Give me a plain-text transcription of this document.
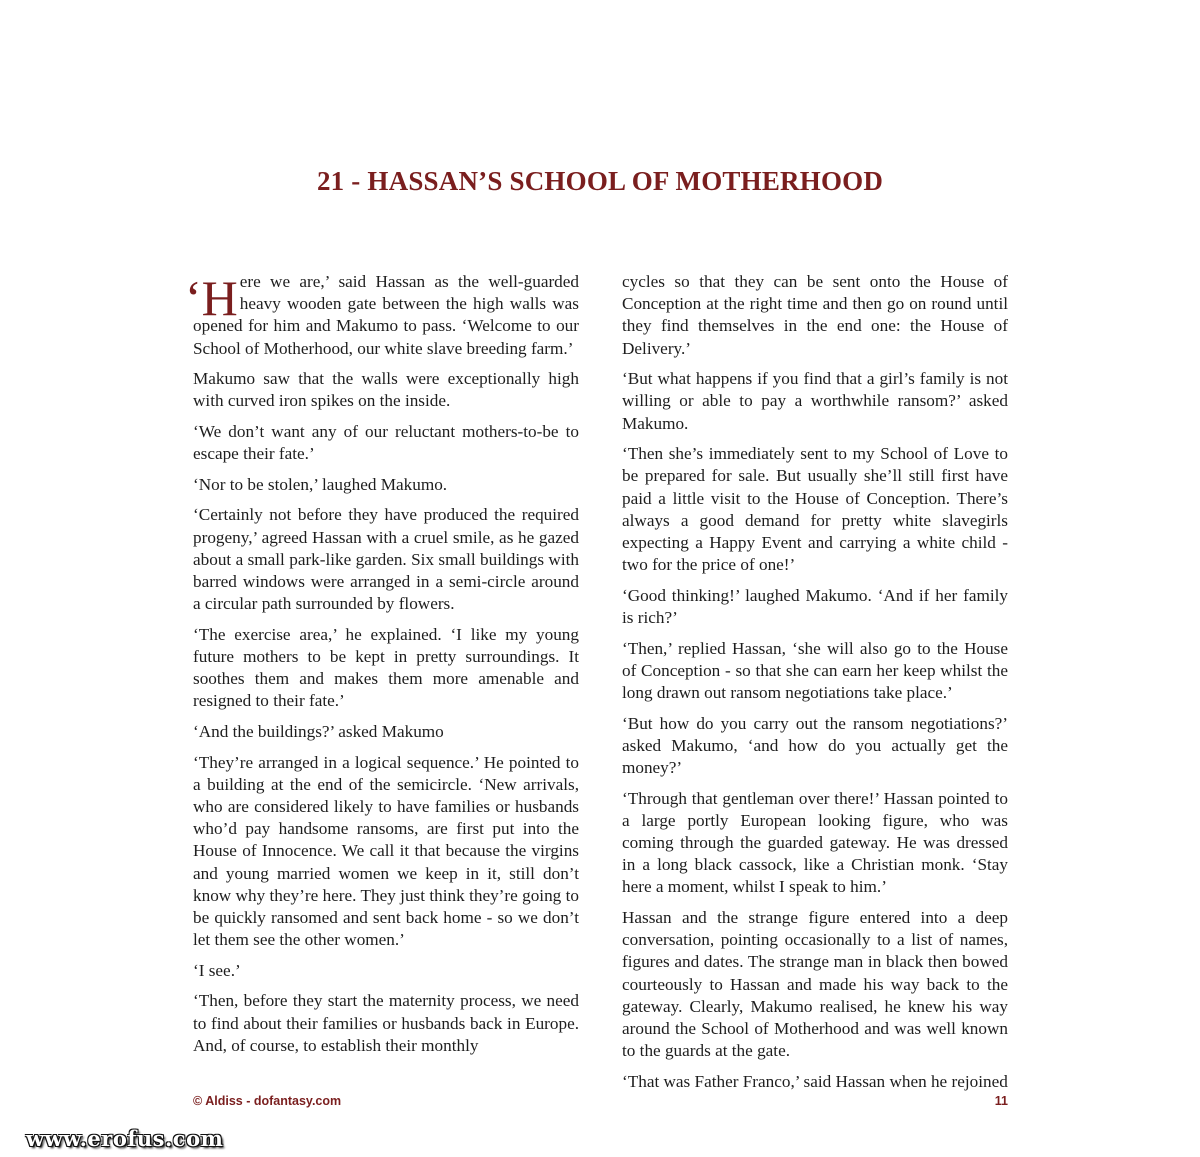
21 - HASSAN’S SCHOOL OF MOTHERHOOD

‘Here we are,’ said Hassan as the well-guarded heavy wooden gate between the high walls was opened for him and Makumo to pass. ‘Welcome to our School of Motherhood, our white slave breeding farm.’

Makumo saw that the walls were exceptionally high with curved iron spikes on the inside.

‘We don’t want any of our reluctant mothers-to-be to escape their fate.’

‘Nor to be stolen,’ laughed Makumo.

‘Certainly not before they have produced the required progeny,’ agreed Hassan with a cruel smile, as he gazed about a small park-like garden. Six small buildings with barred windows were arranged in a semi-circle around a circular path surrounded by flowers.

‘The exercise area,’ he explained. ‘I like my young future mothers to be kept in pretty surroundings. It soothes them and makes them more amenable and resigned to their fate.’

‘And the buildings?’ asked Makumo

‘They’re arranged in a logical sequence.’ He pointed to a building at the end of the semicircle. ‘New arrivals, who are considered likely to have families or husbands who’d pay handsome ransoms, are first put into the House of Innocence. We call it that because the virgins and young married women we keep in it, still don’t know why they’re here. They just think they’re going to be quickly ransomed and sent back home - so we don’t let them see the other women.’

‘I see.’

‘Then, before they start the maternity process, we need to find about their families or husbands back in Europe. And, of course, to establish their monthly

cycles so that they can be sent onto the House of Conception at the right time and then go on round until they find themselves in the end one: the House of Delivery.’

‘But what happens if you find that a girl’s family is not willing or able to pay a worthwhile ransom?’ asked Makumo.

‘Then she’s immediately sent to my School of Love to be prepared for sale. But usually she’ll still first have paid a little visit to the House of Conception. There’s always a good demand for pretty white slavegirls expecting a Happy Event and carrying a white child - two for the price of one!’

‘Good thinking!’ laughed Makumo. ‘And if her family is rich?’

‘Then,’ replied Hassan, ‘she will also go to the House of Conception - so that she can earn her keep whilst the long drawn out ransom negotiations take place.’

‘But how do you carry out the ransom negotiations?’ asked Makumo, ‘and how do you actually get the money?’

‘Through that gentleman over there!’ Hassan pointed to a large portly European looking figure, who was coming through the guarded gateway. He was dressed in a long black cassock, like a Christian monk. ‘Stay here a moment, whilst I speak to him.’

Hassan and the strange figure entered into a deep conversation, pointing occasionally to a list of names, figures and dates. The strange man in black then bowed courteously to Hassan and made his way back to the gateway. Clearly, Makumo realised, he knew his way around the School of Motherhood and was well known to the guards at the gate.

‘That was Father Franco,’ said Hassan when he rejoined

© Aldiss - dofantasy.com	11
www.erofus.com
